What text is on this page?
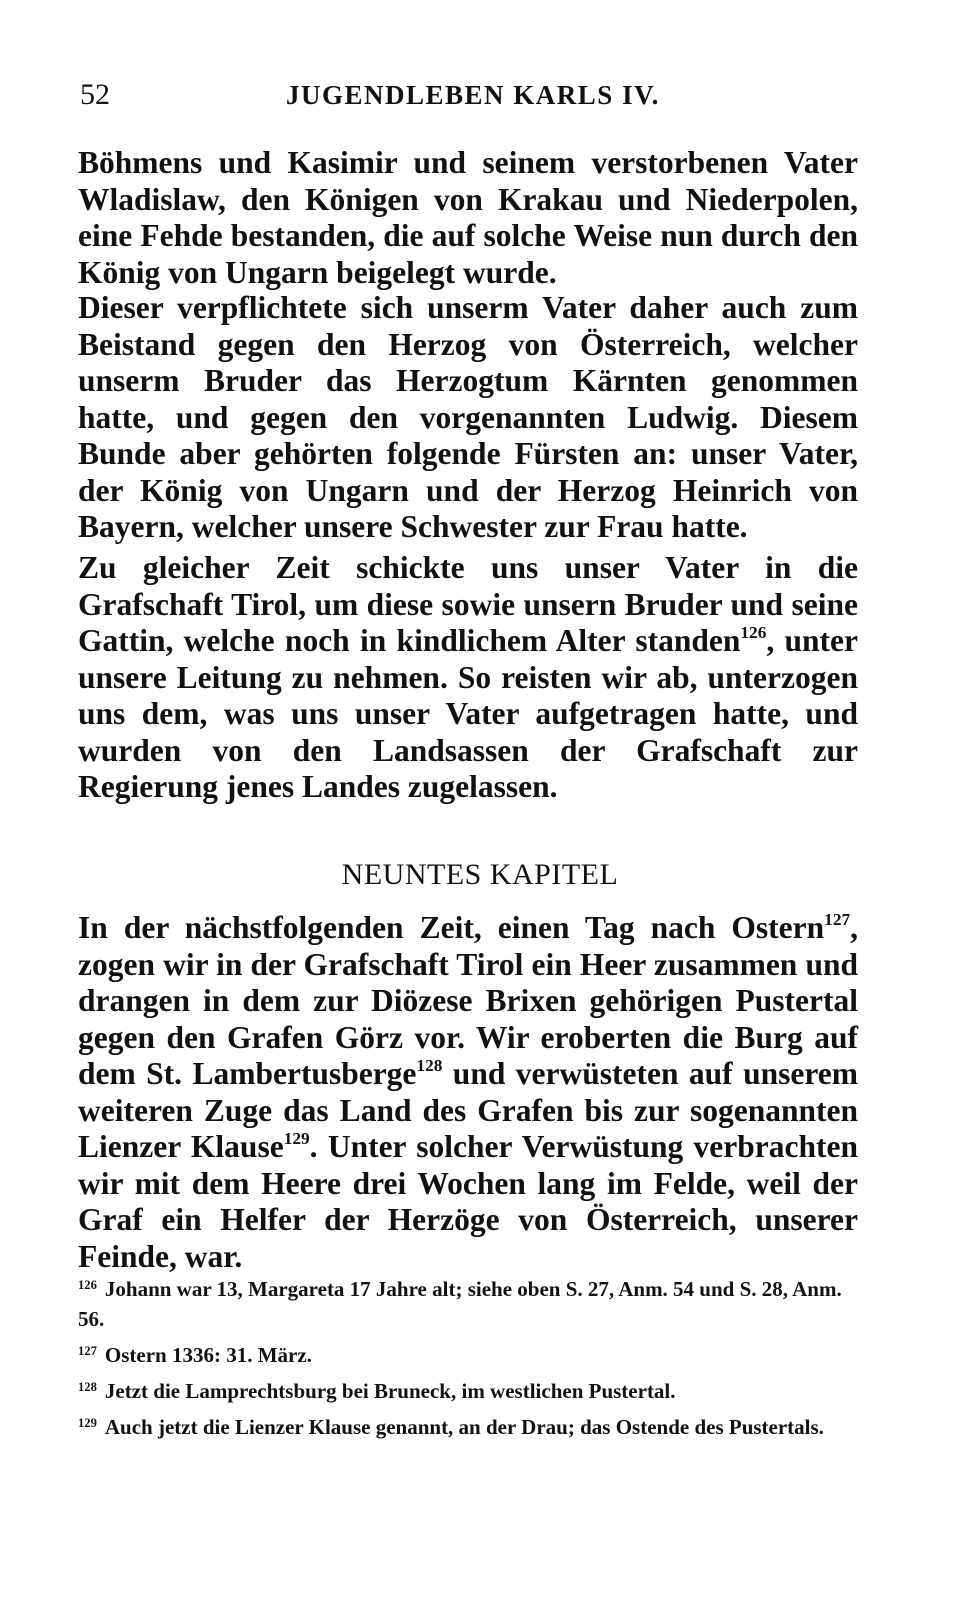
52	JUGENDLEBEN KARLS IV.

Böhmens und Kasimir und seinem verstorbenen Vater Wladislaw, den Königen von Krakau und Niederpolen, eine Fehde bestanden, die auf solche Weise nun durch den König von Ungarn beigelegt wurde.

Dieser verpflichtete sich unserm Vater daher auch zum Beistand gegen den Herzog von Österreich, welcher unserm Bruder das Herzogtum Kärnten genommen hatte, und gegen den vorgenannten Ludwig. Diesem Bunde aber gehörten folgende Fürsten an: unser Vater, der König von Ungarn und der Herzog Heinrich von Bayern, welcher unsere Schwester zur Frau hatte.

Zu gleicher Zeit schickte uns unser Vater in die Grafschaft Tirol, um diese sowie unsern Bruder und seine Gattin, welche noch in kindlichem Alter standen$^{126}$, unter unsere Leitung zu nehmen. So reisten wir ab, unterzogen uns dem, was uns unser Vater aufgetragen hatte, und wurden von den Landsassen der Grafschaft zur Regierung jenes Landes zugelassen.

NEUNTES KAPITEL

In der nächstfolgenden Zeit, einen Tag nach Ostern$^{127}$, zogen wir in der Grafschaft Tirol ein Heer zusammen und drangen in dem zur Diözese Brixen gehörigen Pustertal gegen den Grafen Görz vor. Wir eroberten die Burg auf dem St. Lambertusberge$^{128}$ und verwüsteten auf unserem weiteren Zuge das Land des Grafen bis zur sogenannten Lienzer Klause$^{129}$. Unter solcher Verwüstung verbrachten wir mit dem Heere drei Wochen lang im Felde, weil der Graf ein Helfer der Herzöge von Österreich, unserer Feinde, war.

$^{126}$ Johann war 13, Margareta 17 Jahre alt; siehe oben S. 27, Anm. 54 und S. 28, Anm. 56.

$^{127}$ Ostern 1336: 31. März.

$^{128}$ Jetzt die Lamprechtsburg bei Bruneck, im westlichen Pustertal.

$^{129}$ Auch jetzt die Lienzer Klause genannt, an der Drau; das Ostende des Pustertals.
